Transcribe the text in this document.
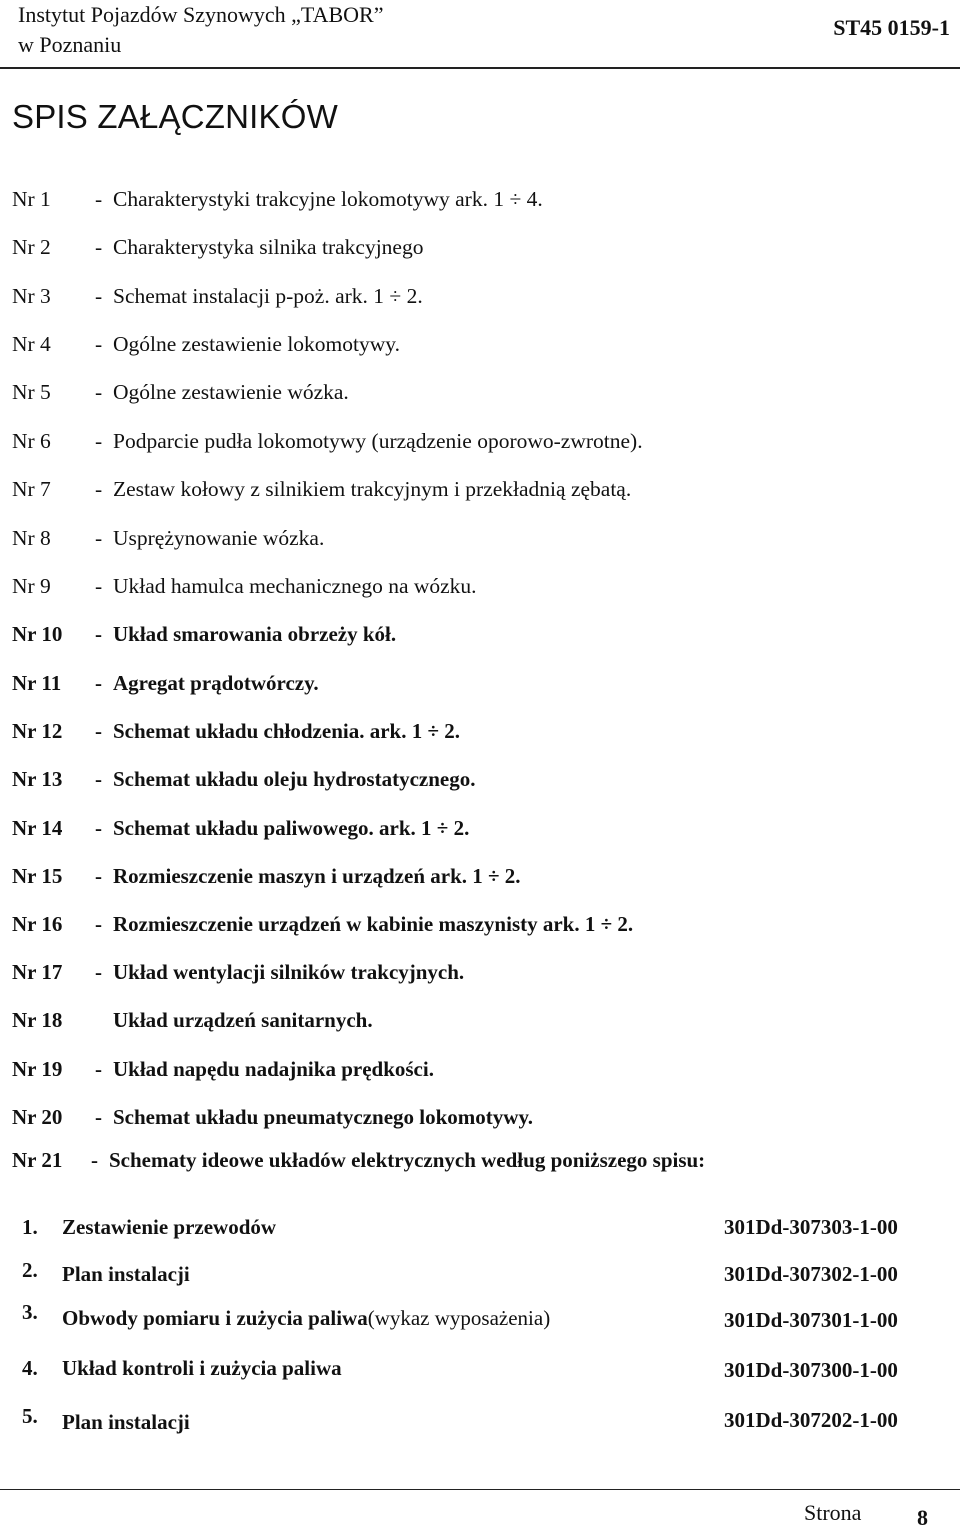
Instytut Pojazdów Szynowych „TABOR”
w Poznaniu
ST45 0159-1
SPIS ZAŁĄCZNIKÓW
Nr 1	- Charakterystyki trakcyjne lokomotywy ark. 1 ÷ 4.
Nr 2	- Charakterystyka silnika trakcyjnego
Nr 3	- Schemat instalacji p-poż. ark. 1 ÷ 2.
Nr 4	- Ogólne zestawienie lokomotywy.
Nr 5	- Ogólne zestawienie wózka.
Nr 6	- Podparcie pudła lokomotywy (urządzenie oporowo-zwrotne).
Nr 7	- Zestaw kołowy z silnikiem trakcyjnym i przekładnią zębatą.
Nr 8	- Usprężynowanie wózka.
Nr 9	- Układ hamulca mechanicznego na wózku.
Nr 10	- Układ smarowania obrzeży kół.
Nr 11	- Agregat prądotwórczy.
Nr 12	- Schemat układu chłodzenia. ark. 1 ÷ 2.
Nr 13	- Schemat układu oleju hydrostatycznego.
Nr 14	- Schemat układu paliwowego. ark. 1 ÷ 2.
Nr 15	- Rozmieszczenie maszyn i urządzeń ark. 1 ÷ 2.
Nr 16	- Rozmieszczenie urządzeń w kabinie maszynisty ark. 1 ÷ 2.
Nr 17	- Układ wentylacji silników trakcyjnych.
Nr 18	Układ urządzeń sanitarnych.
Nr 19	- Układ napędu nadajnika prędkości.
Nr 20	- Schemat układu pneumatycznego lokomotywy.
Nr 21	- Schematy ideowe układów elektrycznych według poniższego spisu:
1. Zestawienie przewodów	301Dd-307303-1-00
2. Plan instalacji	301Dd-307302-1-00
3. Obwody pomiaru i zużycia paliwa(wykaz wyposażenia)	301Dd-307301-1-00
4. Układ kontroli i zużycia paliwa	301Dd-307300-1-00
5. Plan instalacji	301Dd-307202-1-00
Strona	8
